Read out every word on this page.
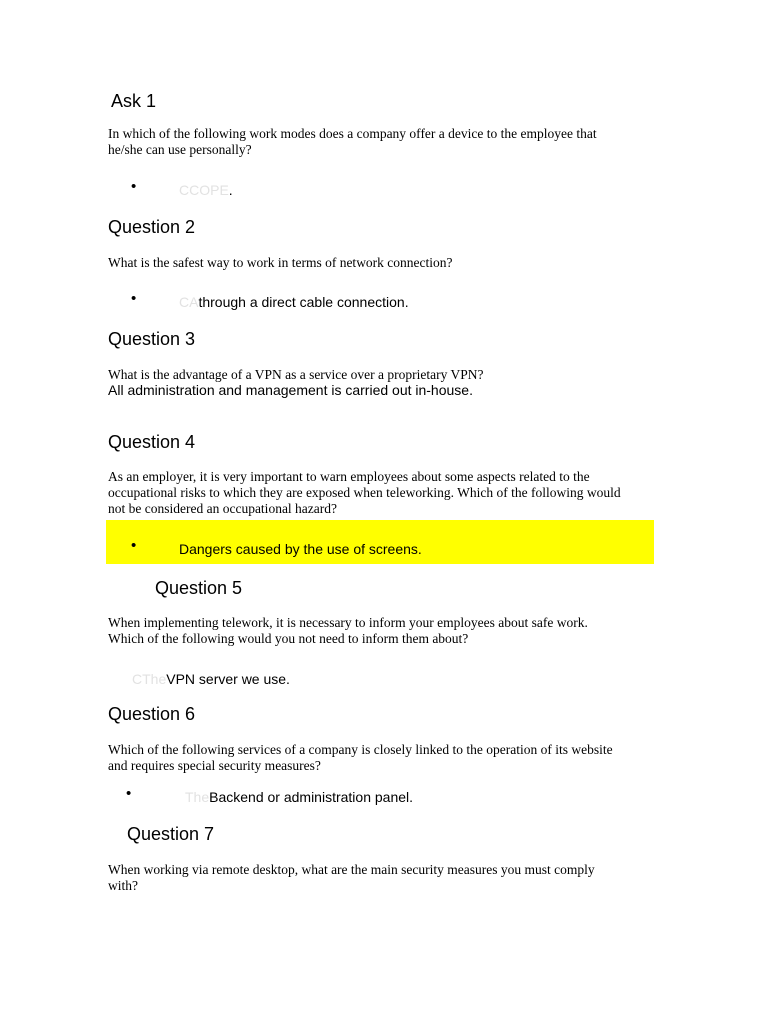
Ask 1
In which of the following work modes does a company offer a device to the employee that
he/she can use personally?
•	CCOPE.
Question 2
What is the safest way to work in terms of network connection?
•	CAthrough a direct cable connection.
Question 3
What is the advantage of a VPN as a service over a proprietary VPN?
All administration and management is carried out in-house.
Question 4
As an employer, it is very important to warn employees about some aspects related to the
occupational risks to which they are exposed when teleworking. Which of the following would
not be considered an occupational hazard?
•	Dangers caused by the use of screens.
Question 5
When implementing telework, it is necessary to inform your employees about safe work.
Which of the following would you not need to inform them about?
CTheVPN server we use.
Question 6
Which of the following services of a company is closely linked to the operation of its website
and requires special security measures?
•	TheBackend or administration panel.
Question 7
When working via remote desktop, what are the main security measures you must comply
with?
